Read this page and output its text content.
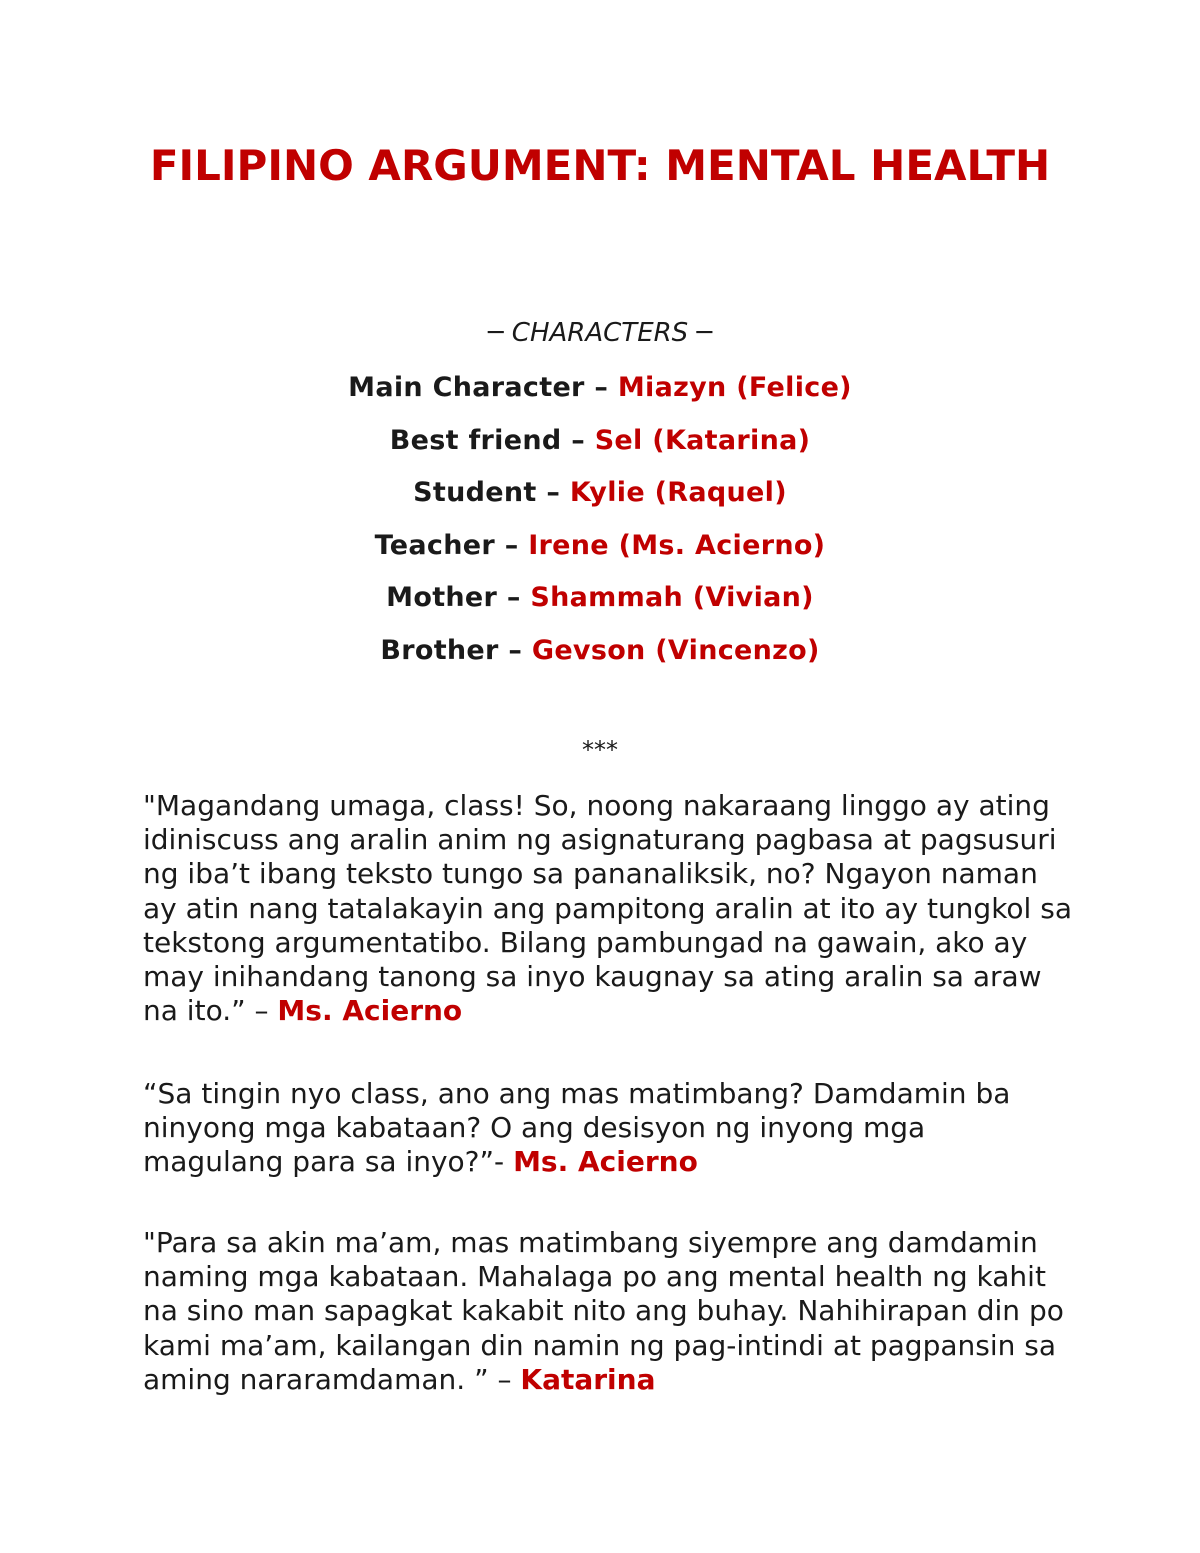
FILIPINO ARGUMENT: MENTAL HEALTH
─ CHARACTERS ─
Main Character – Miazyn (Felice)
Best friend – Sel (Katarina)
Student – Kylie (Raquel)
Teacher – Irene (Ms. Acierno)
Mother – Shammah (Vivian)
Brother – Gevson (Vincenzo)
***

"Magandang umaga, class! So, noong nakaraang linggo ay ating idiniscuss ang aralin anim ng asignaturang pagbasa at pagsusuri ng iba’t ibang teksto tungo sa pananaliksik, no? Ngayon naman ay atin nang tatalakayin ang pampitong aralin at ito ay tungkol sa tekstong argumentatibo. Bilang pambungad na gawain, ako ay may inihandang tanong sa inyo kaugnay sa ating aralin sa araw na ito.” – Ms. Acierno

“Sa tingin nyo class, ano ang mas matimbang? Damdamin ba ninyong mga kabataan? O ang desisyon ng inyong mga magulang para sa inyo?”- Ms. Acierno

"Para sa akin ma’am, mas matimbang siyempre ang damdamin naming mga kabataan. Mahalaga po ang mental health ng kahit na sino man sapagkat kakabit nito ang buhay. Nahihirapan din po kami ma’am, kailangan din namin ng pag-intindi at pagpansin sa aming nararamdaman. ” – Katarina
